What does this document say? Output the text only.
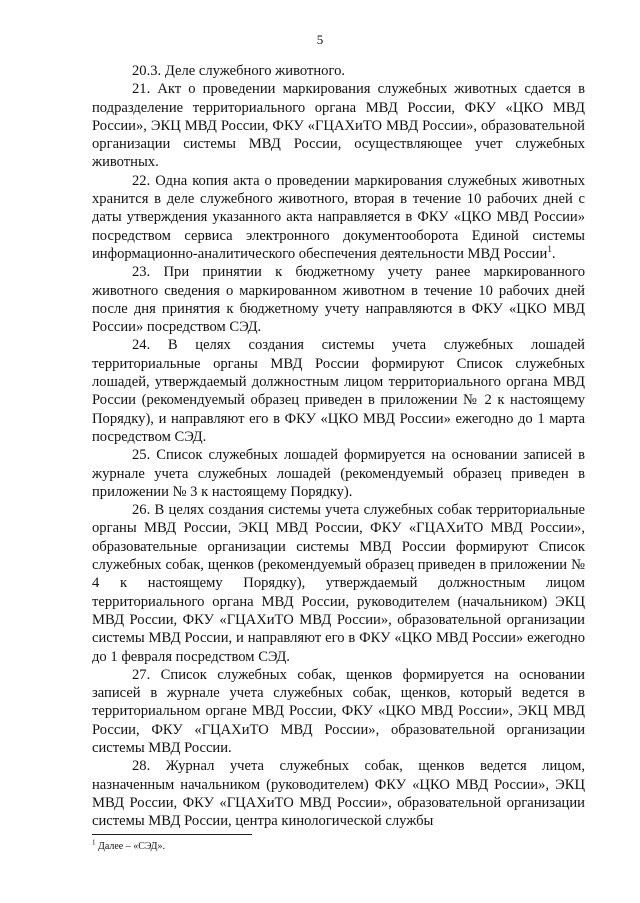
5

20.3. Деле служебного животного.

21. Акт о проведении маркирования служебных животных сдается в подразделение территориального органа МВД России, ФКУ «ЦКО МВД России», ЭКЦ МВД России, ФКУ «ГЦАХиТО МВД России», образовательной организации системы МВД России, осуществляющее учет служебных животных.

22. Одна копия акта о проведении маркирования служебных животных хранится в деле служебного животного, вторая в течение 10 рабочих дней с даты утверждения указанного акта направляется в ФКУ «ЦКО МВД России» посредством сервиса электронного документооборота Единой системы информационно-аналитического обеспечения деятельности МВД России$^1$.

23. При принятии к бюджетному учету ранее маркированного животного сведения о маркированном животном в течение 10 рабочих дней после дня принятия к бюджетному учету направляются в ФКУ «ЦКО МВД России» посредством СЭД.

24. В целях создания системы учета служебных лошадей территориальные органы МВД России формируют Список служебных лошадей, утверждаемый должностным лицом территориального органа МВД России (рекомендуемый образец приведен в приложении № 2 к настоящему Порядку), и направляют его в ФКУ «ЦКО МВД России» ежегодно до 1 марта посредством СЭД.

25. Список служебных лошадей формируется на основании записей в журнале учета служебных лошадей (рекомендуемый образец приведен в приложении № 3 к настоящему Порядку).

26. В целях создания системы учета служебных собак территориальные органы МВД России, ЭКЦ МВД России, ФКУ «ГЦАХиТО МВД России», образовательные организации системы МВД России формируют Список служебных собак, щенков (рекомендуемый образец приведен в приложении № 4 к настоящему Порядку), утверждаемый должностным лицом территориального органа МВД России, руководителем (начальником) ЭКЦ МВД России, ФКУ «ГЦАХиТО МВД России», образовательной организации системы МВД России, и направляют его в ФКУ «ЦКО МВД России» ежегодно до 1 февраля посредством СЭД.

27. Список служебных собак, щенков формируется на основании записей в журнале учета служебных собак, щенков, который ведется в территориальном органе МВД России, ФКУ «ЦКО МВД России», ЭКЦ МВД России, ФКУ «ГЦАХиТО МВД России», образовательной организации системы МВД России.

28. Журнал учета служебных собак, щенков ведется лицом, назначенным начальником (руководителем) ФКУ «ЦКО МВД России», ЭКЦ МВД России, ФКУ «ГЦАХиТО МВД России», образовательной организации системы МВД России, центра кинологической службы

$^1$ Далее – «СЭД».
